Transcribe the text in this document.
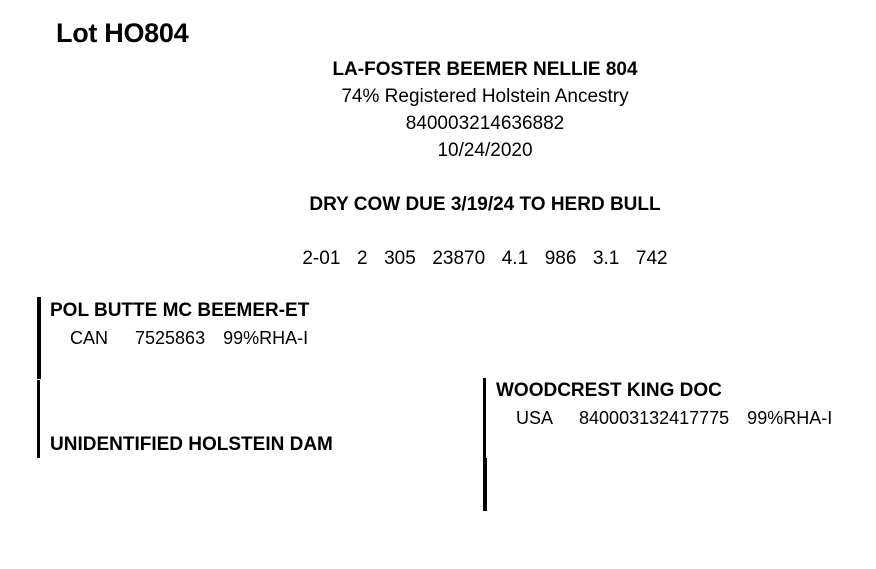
Lot HO804
LA-FOSTER BEEMER NELLIE 804
74% Registered Holstein Ancestry
840003214636882
10/24/2020
DRY COW DUE 3/19/24 TO HERD BULL
2-01  2  305  23870  4.1  986  3.1  742
POL BUTTE MC BEEMER-ET
CAN   7525863  99%RHA-I
UNIDENTIFIED HOLSTEIN DAM
WOODCREST KING DOC
USA   840003132417775  99%RHA-I
